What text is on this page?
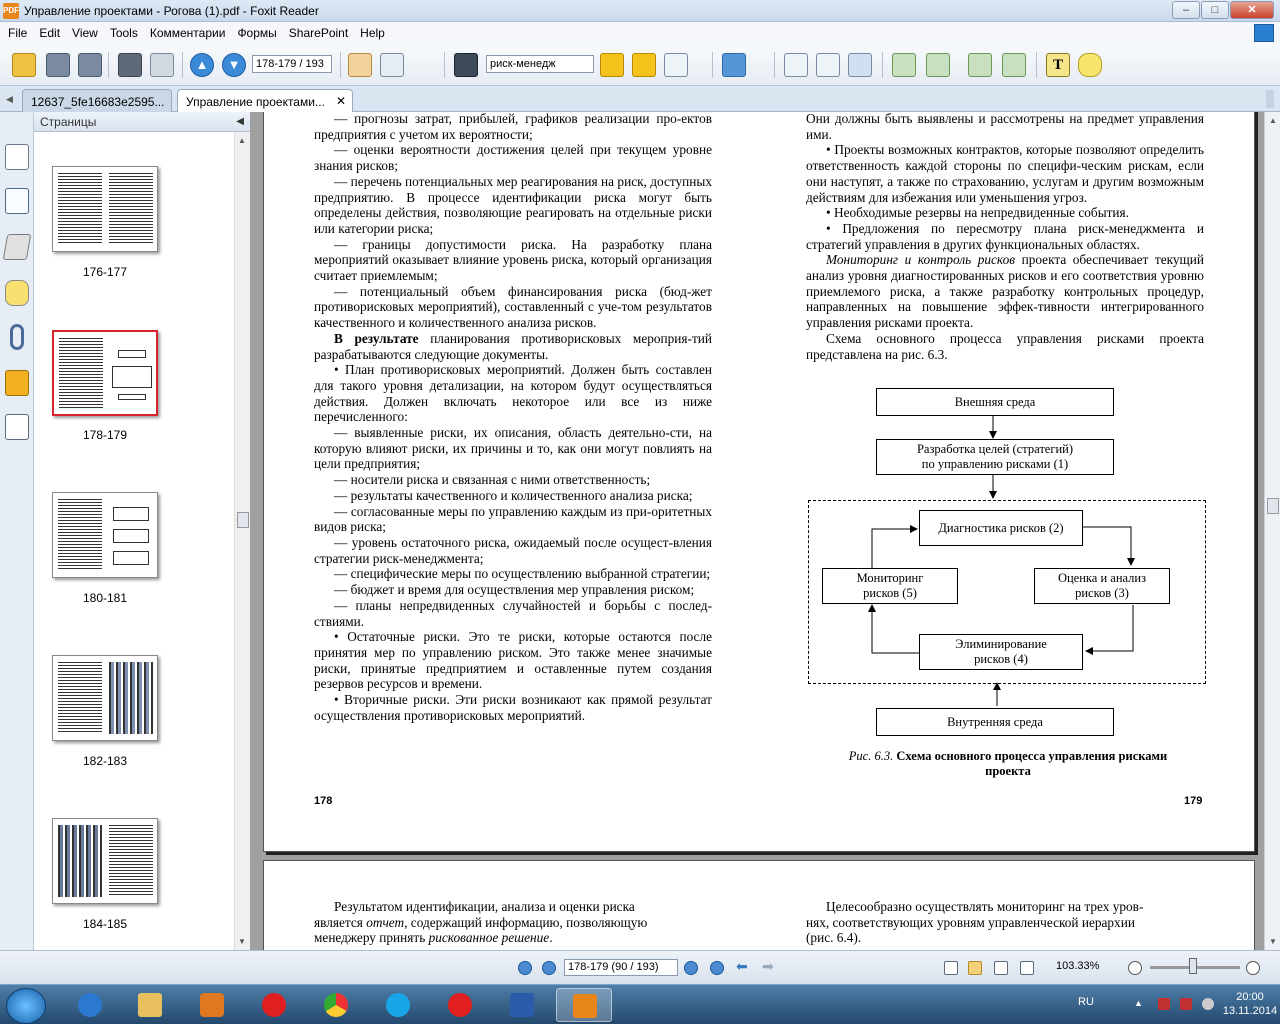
PDF Управление проектами - Рогова (1).pdf - Foxit Reader	–	□	✕
File Edit View Tools Комментарии Формы SharePoint Help
▲	▼	T
178-179 / 193	риск-менедж
◀	12637_5fe16683e2595...	Управление проектами... ✕
Страницы	◀
176-177
178-179
180-181
182-183
184-185
▲
▼

— прогнозы затрат, прибылей, графиков реализации про-ектов предприятия с учетом их вероятности;

— оценки вероятности достижения целей при текущем уровне знания рисков;

— перечень потенциальных мер реагирования на риск, доступных предприятию. В процессе идентификации риска могут быть определены действия, позволяющие реагировать на отдельные риски или категории риска;

— границы допустимости риска. На разработку плана мероприятий оказывает влияние уровень риска, который организация считает приемлемым;

— потенциальный объем финансирования риска (бюд-жет противорисковых мероприятий), составленный с уче-том результатов качественного и количественного анализа рисков.

В результате планирования противорисковых мероприя-тий разрабатываются следующие документы.

• План противорисковых мероприятий. Должен быть составлен для такого уровня детализации, на котором будут осуществляться действия. Должен включать некоторое или все из ниже перечисленного:

— выявленные риски, их описания, область деятельно-сти, на которую влияют риски, их причины и то, как они могут повлиять на цели предприятия;

— носители риска и связанная с ними ответственность;

— результаты качественного и количественного анализа риска;

— согласованные меры по управлению каждым из при-оритетных видов риска;

— уровень остаточного риска, ожидаемый после осущест-вления стратегии риск-менеджмента;

— специфические меры по осуществлению выбранной стратегии;

— бюджет и время для осуществления мер управления риском;

— планы непредвиденных случайностей и борьбы с послед-ствиями.

• Остаточные риски. Это те риски, которые остаются после принятия мер по управлению риском. Это также менее значимые риски, принятые предприятием и оставленные путем создания резервов ресурсов и времени.

• Вторичные риски. Эти риски возникают как прямой результат осуществления противорисковых мероприятий.

178

Они должны быть выявлены и рассмотрены на предмет управления ими.

• Проекты возможных контрактов, которые позволяют определить ответственность каждой стороны по специфи-ческим рискам, если они наступят, а также по страхованию, услугам и другим возможным действиям для избежания или уменьшения угроз.

• Необходимые резервы на непредвиденные события.

• Предложения по пересмотру плана риск-менеджмента и стратегий управления в других функциональных областях.

Мониторинг и контроль рисков проекта обеспечивает текущий анализ уровня диагностированных рисков и его соответствия уровню приемлемого риска, а также разработку контрольных процедур, направленных на повышение эффек-тивности интегрированного управления рисками проекта.

Схема основного процесса управления рисками проекта представлена на рис. 6.3.

Внешняя среда
Разработка целей (стратегий)
по управлению рисками (1)
Диагностика рисков (2)
Мониторинг
рисков (5)
Оценка и анализ
рисков (3)
Элиминирование
рисков (4)
Внутренняя среда
Рис. 6.3. Схема основного процесса управления рисками
проекта
179

Результатом идентификации, анализа и оценки риска

является отчет, содержащий информацию, позволяющую

менеджеру принять рискованное решение.

Целесообразно осуществлять мониторинг на трех уров-

нях, соответствующих уровням управленческой иерархии

(рис. 6.4).

▲
▼
⬅ ➡
178-179 (90 / 193)	103.33%
RU	▲	20:00
13.11.2014
